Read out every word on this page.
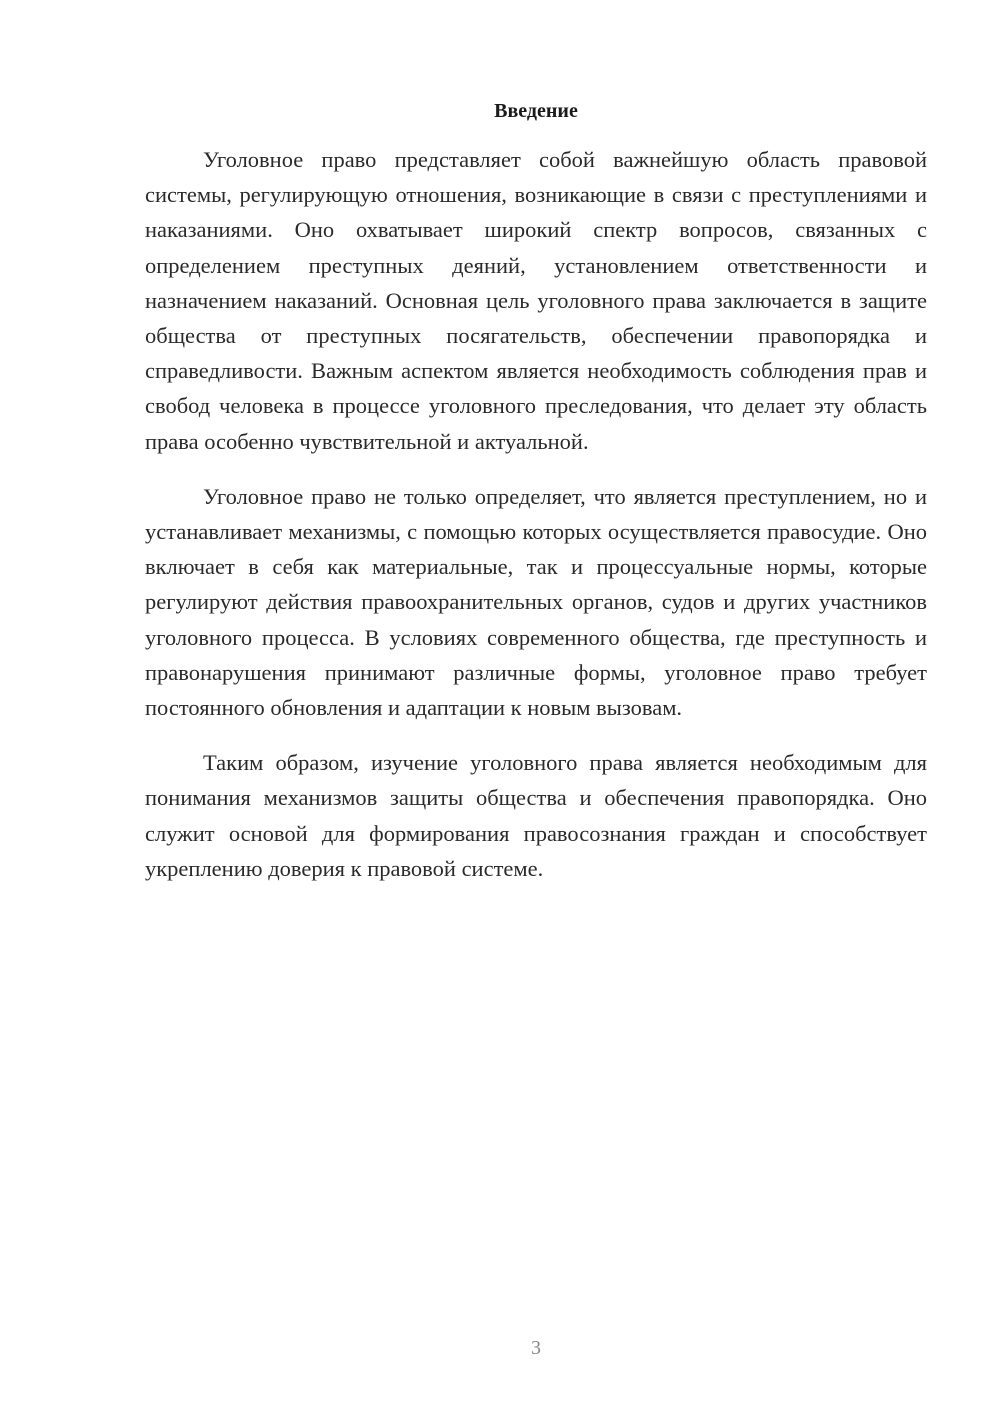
Введение

Уголовное право представляет собой важнейшую область правовой системы, регулирующую отношения, возникающие в связи с преступлениями и наказаниями. Оно охватывает широкий спектр вопросов, связанных с определением преступных деяний, установлением ответственности и назначением наказаний. Основная цель уголовного права заключается в защите общества от преступных посягательств, обеспечении правопорядка и справедливости. Важным аспектом является необходимость соблюдения прав и свобод человека в процессе уголовного преследования, что делает эту область права особенно чувствительной и актуальной.

Уголовное право не только определяет, что является преступлением, но и устанавливает механизмы, с помощью которых осуществляется правосудие. Оно включает в себя как материальные, так и процессуальные нормы, которые регулируют действия правоохранительных органов, судов и других участников уголовного процесса. В условиях современного общества, где преступность и правонарушения принимают различные формы, уголовное право требует постоянного обновления и адаптации к новым вызовам.

Таким образом, изучение уголовного права является необходимым для понимания механизмов защиты общества и обеспечения правопорядка. Оно служит основой для формирования правосознания граждан и способствует укреплению доверия к правовой системе.

3
